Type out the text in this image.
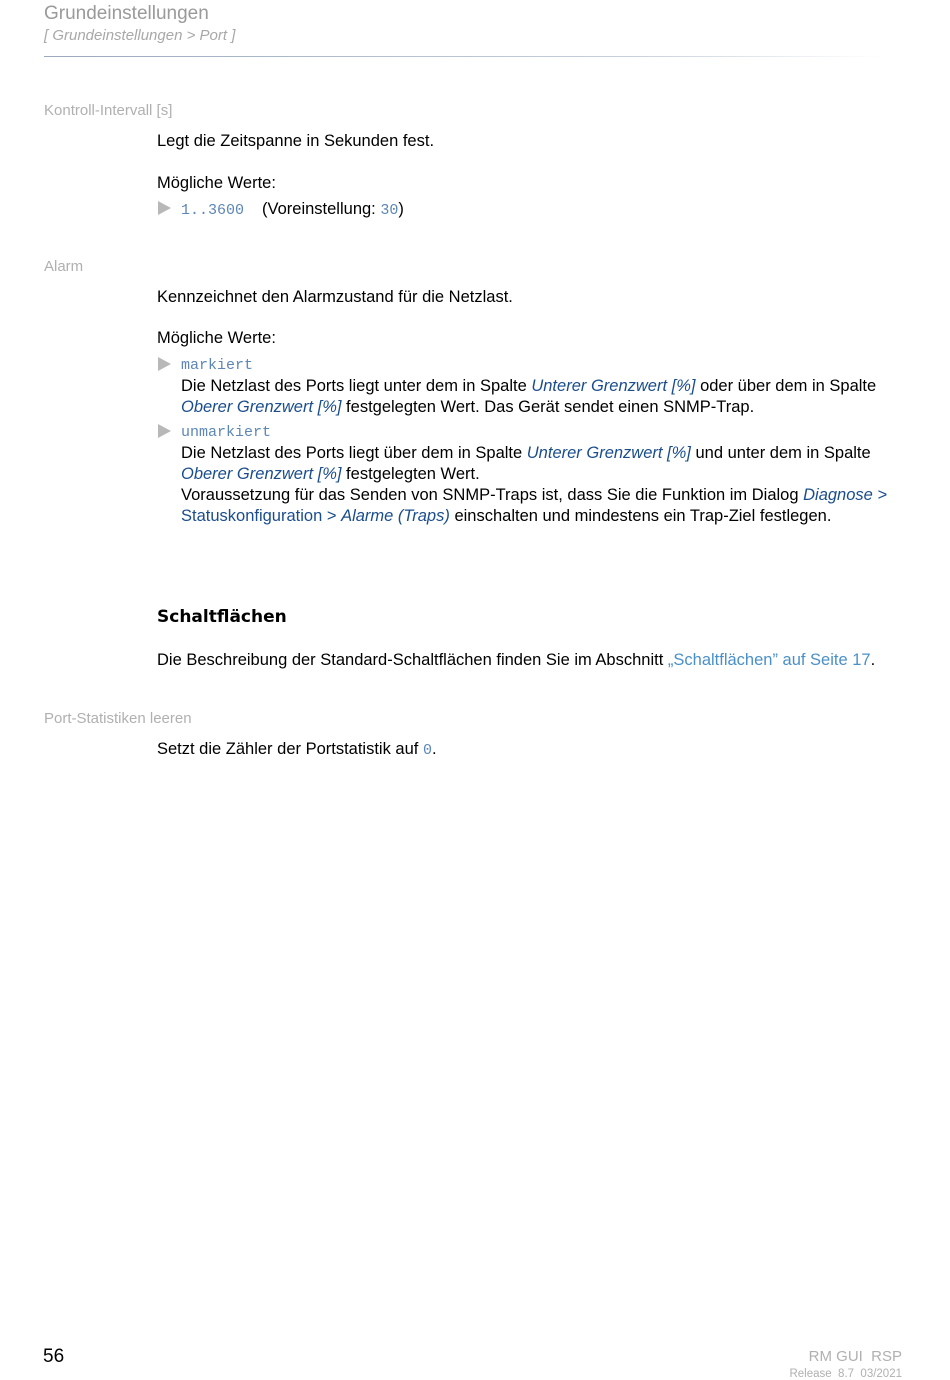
Grundeinstellungen
[ Grundeinstellungen > Port ]
Kontroll-Intervall [s]
Legt die Zeitspanne in Sekunden fest.
Mögliche Werte:
1..3600 (Voreinstellung: 30)
Alarm
Kennzeichnet den Alarmzustand für die Netzlast.
Mögliche Werte:
markiert
Die Netzlast des Ports liegt unter dem in Spalte Unterer Grenzwert [%] oder über dem in Spalte Oberer Grenzwert [%] festgelegten Wert. Das Gerät sendet einen SNMP-Trap.
unmarkiert
Die Netzlast des Ports liegt über dem in Spalte Unterer Grenzwert [%] und unter dem in Spalte Oberer Grenzwert [%] festgelegten Wert.
Voraussetzung für das Senden von SNMP-Traps ist, dass Sie die Funktion im Dialog Diagnose >
Statuskonfiguration > Alarme (Traps) einschalten und mindestens ein Trap-Ziel festlegen.
Schaltflächen
Die Beschreibung der Standard-Schaltflächen finden Sie im Abschnitt „Schaltflächen” auf Seite 17.
Port-Statistiken leeren
Setzt die Zähler der Portstatistik auf 0.
56	RM GUI  RSP
Release  8.7  03/2021
